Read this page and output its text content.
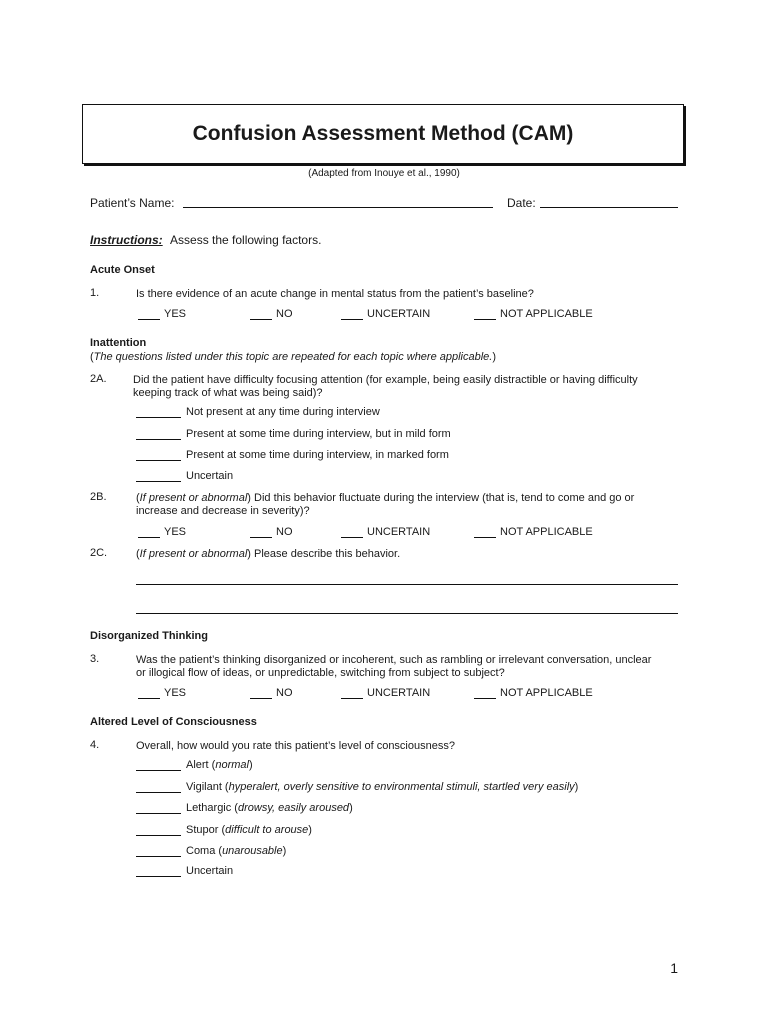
Confusion Assessment Method (CAM)
(Adapted from Inouye et al., 1990)
Patient’s Name:	Date:
Instructions: Assess the following factors.
Acute Onset
1.	Is there evidence of an acute change in mental status from the patient’s baseline?
YES	NO	UNCERTAIN	NOT APPLICABLE
Inattention
(The questions listed under this topic are repeated for each topic where applicable.)
2A. Did the patient have difficulty focusing attention (for example, being easily distractible or having difficulty
keeping track of what was being said)?
Not present at any time during interview
Present at some time during interview, but in mild form
Present at some time during interview, in marked form
Uncertain
2B.	(If present or abnormal) Did this behavior fluctuate during the interview (that is, tend to come and go or
increase and decrease in severity)?
YES	NO	UNCERTAIN	NOT APPLICABLE
2C.	(If present or abnormal) Please describe this behavior.
Disorganized Thinking
3.	Was the patient’s thinking disorganized or incoherent, such as rambling or irrelevant conversation, unclear
or illogical flow of ideas, or unpredictable, switching from subject to subject?
YES	NO	UNCERTAIN	NOT APPLICABLE
Altered Level of Consciousness
4.	Overall, how would you rate this patient’s level of consciousness?
Alert (normal)
Vigilant (hyperalert, overly sensitive to environmental stimuli, startled very easily)
Lethargic (drowsy, easily aroused)
Stupor (difficult to arouse)
Coma (unarousable)
Uncertain
1
